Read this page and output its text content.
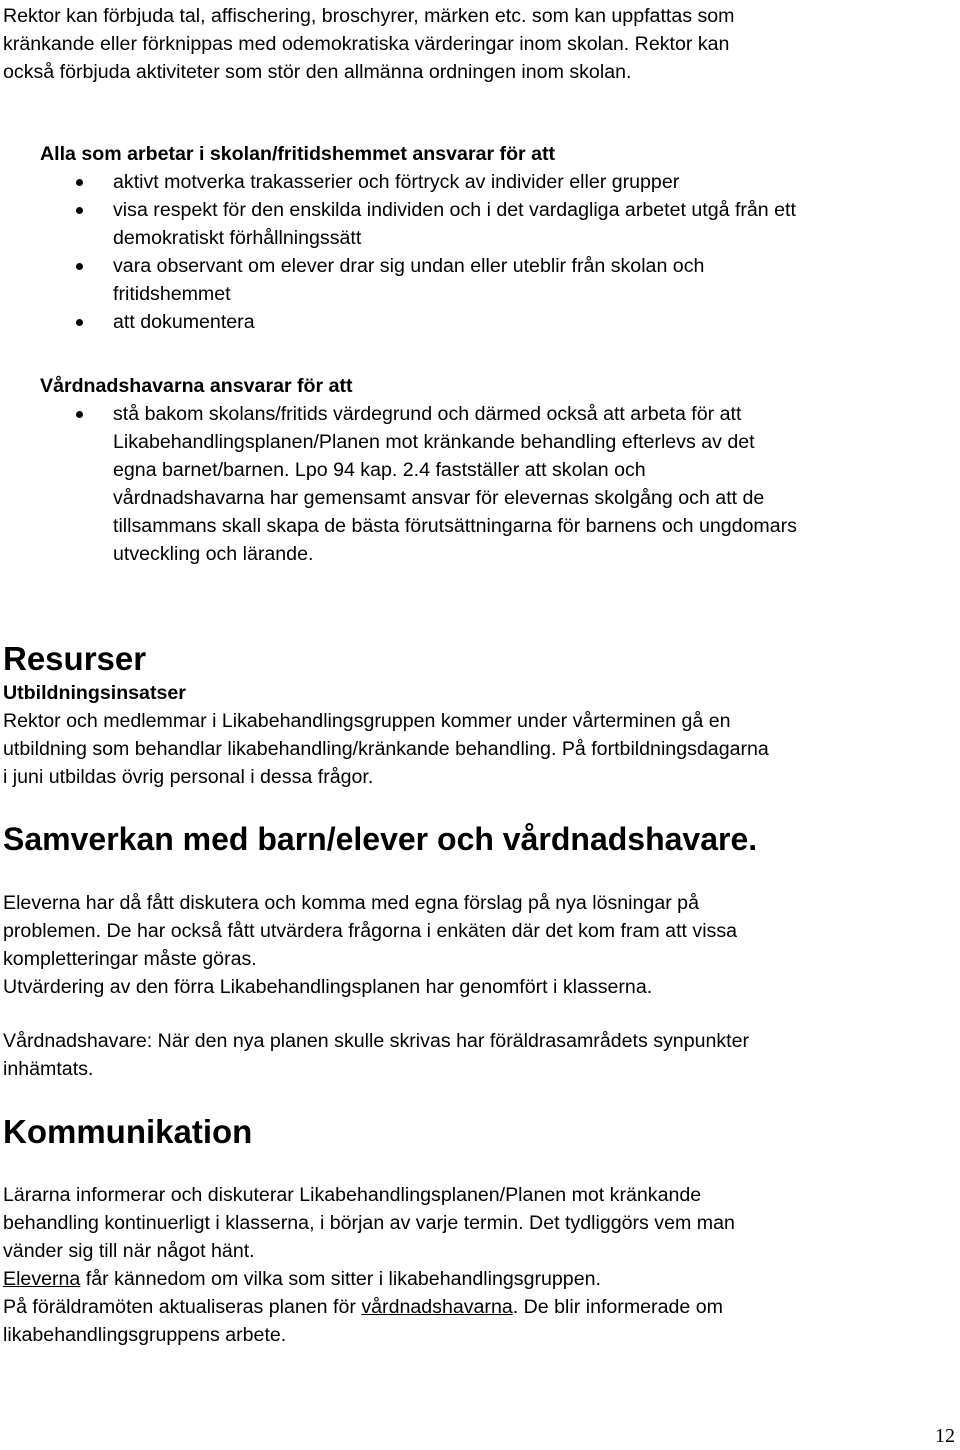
Rektor kan förbjuda tal, affischering, broschyrer, märken etc. som kan uppfattas som

kränkande eller förknippas med odemokratiska värderingar inom skolan. Rektor kan

också förbjuda aktiviteter som stör den allmänna ordningen inom skolan.

Alla som arbetar i skolan/fritidshemmet ansvarar för att

aktivt motverka trakasserier och förtryck av individer eller grupper
visa respekt för den enskilda individen och i det vardagliga arbetet utgå från ett
demokratiskt förhållningssätt
vara observant om elever drar sig undan eller uteblir från skolan och
fritidshemmet
att dokumentera

Vårdnadshavarna ansvarar för att

stå bakom skolans/fritids värdegrund och därmed också att arbeta för att
Likabehandlingsplanen/Planen mot kränkande behandling efterlevs av det
egna barnet/barnen. Lpo 94 kap. 2.4 fastställer att skolan och
vårdnadshavarna har gemensamt ansvar för elevernas skolgång och att de
tillsammans skall skapa de bästa förutsättningarna för barnens och ungdomars
utveckling och lärande.
Resurser

Utbildningsinsatser

Rektor och medlemmar i Likabehandlingsgruppen kommer under vårterminen gå en

utbildning som behandlar likabehandling/kränkande behandling. På fortbildningsdagarna

i juni utbildas övrig personal i dessa frågor.

Samverkan med barn/elever och vårdnadshavare.

Eleverna har då fått diskutera och komma med egna förslag på nya lösningar på

problemen. De har också fått utvärdera frågorna i enkäten där det kom fram att vissa

kompletteringar måste göras.

Utvärdering av den förra Likabehandlingsplanen har genomfört i klasserna.

Vårdnadshavare: När den nya planen skulle skrivas har föräldrasamrådets synpunkter

inhämtats.

Kommunikation

Lärarna informerar och diskuterar Likabehandlingsplanen/Planen mot kränkande

behandling kontinuerligt i klasserna, i början av varje termin. Det tydliggörs vem man

vänder sig till när något hänt.

Eleverna får kännedom om vilka som sitter i likabehandlingsgruppen.

På föräldramöten aktualiseras planen för vårdnadshavarna. De blir informerade om

likabehandlingsgruppens arbete.

12
